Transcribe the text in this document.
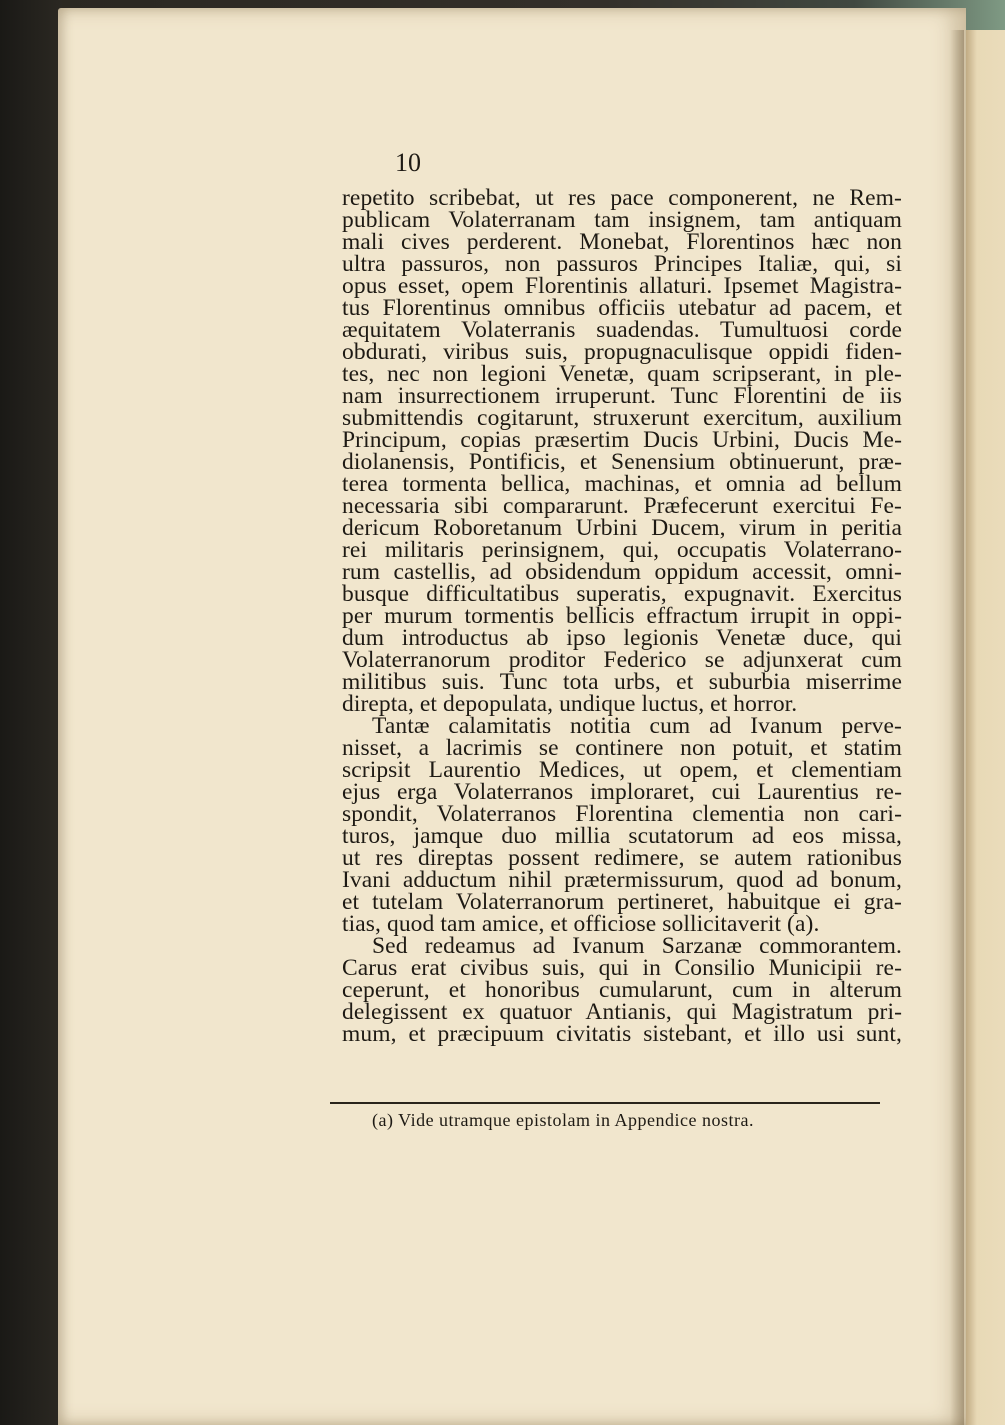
10
repetito scribebat, ut res pace componerent, ne Rem-
publicam Volaterranam tam insignem, tam antiquam
mali cives perderent. Monebat, Florentinos hæc non
ultra passuros, non passuros Principes Italiæ, qui, si
opus esset, opem Florentinis allaturi. Ipsemet Magistra-
tus Florentinus omnibus officiis utebatur ad pacem, et
æquitatem Volaterranis suadendas. Tumultuosi corde
obdurati, viribus suis, propugnaculisque oppidi fiden-
tes, nec non legioni Venetæ, quam scripserant, in ple-
nam insurrectionem irruperunt. Tunc Florentini de iis
submittendis cogitarunt, struxerunt exercitum, auxilium
Principum, copias præsertim Ducis Urbini, Ducis Me-
diolanensis, Pontificis, et Senensium obtinuerunt, præ-
terea tormenta bellica, machinas, et omnia ad bellum
necessaria sibi compararunt. Præfecerunt exercitui Fe-
dericum Roboretanum Urbini Ducem, virum in peritia
rei militaris perinsignem, qui, occupatis Volaterrano-
rum castellis, ad obsidendum oppidum accessit, omni-
busque difficultatibus superatis, expugnavit. Exercitus
per murum tormentis bellicis effractum irrupit in oppi-
dum introductus ab ipso legionis Venetæ duce, qui
Volaterranorum proditor Federico se adjunxerat cum
militibus suis. Tunc tota urbs, et suburbia miserrime
direpta, et depopulata, undique luctus, et horror.
Tantæ calamitatis notitia cum ad Ivanum perve-
nisset, a lacrimis se continere non potuit, et statim
scripsit Laurentio Medices, ut opem, et clementiam
ejus erga Volaterranos imploraret, cui Laurentius re-
spondit, Volaterranos Florentina clementia non cari-
turos, jamque duo millia scutatorum ad eos missa,
ut res direptas possent redimere, se autem rationibus
Ivani adductum nihil prætermissurum, quod ad bonum,
et tutelam Volaterranorum pertineret, habuitque ei gra-
tias, quod tam amice, et officiose sollicitaverit (a).
Sed redeamus ad Ivanum Sarzanæ commorantem.
Carus erat civibus suis, qui in Consilio Municipii re-
ceperunt, et honoribus cumularunt, cum in alterum
delegissent ex quatuor Antianis, qui Magistratum pri-
mum, et præcipuum civitatis sistebant, et illo usi sunt,
(a) Vide utramque epistolam in Appendice nostra.
